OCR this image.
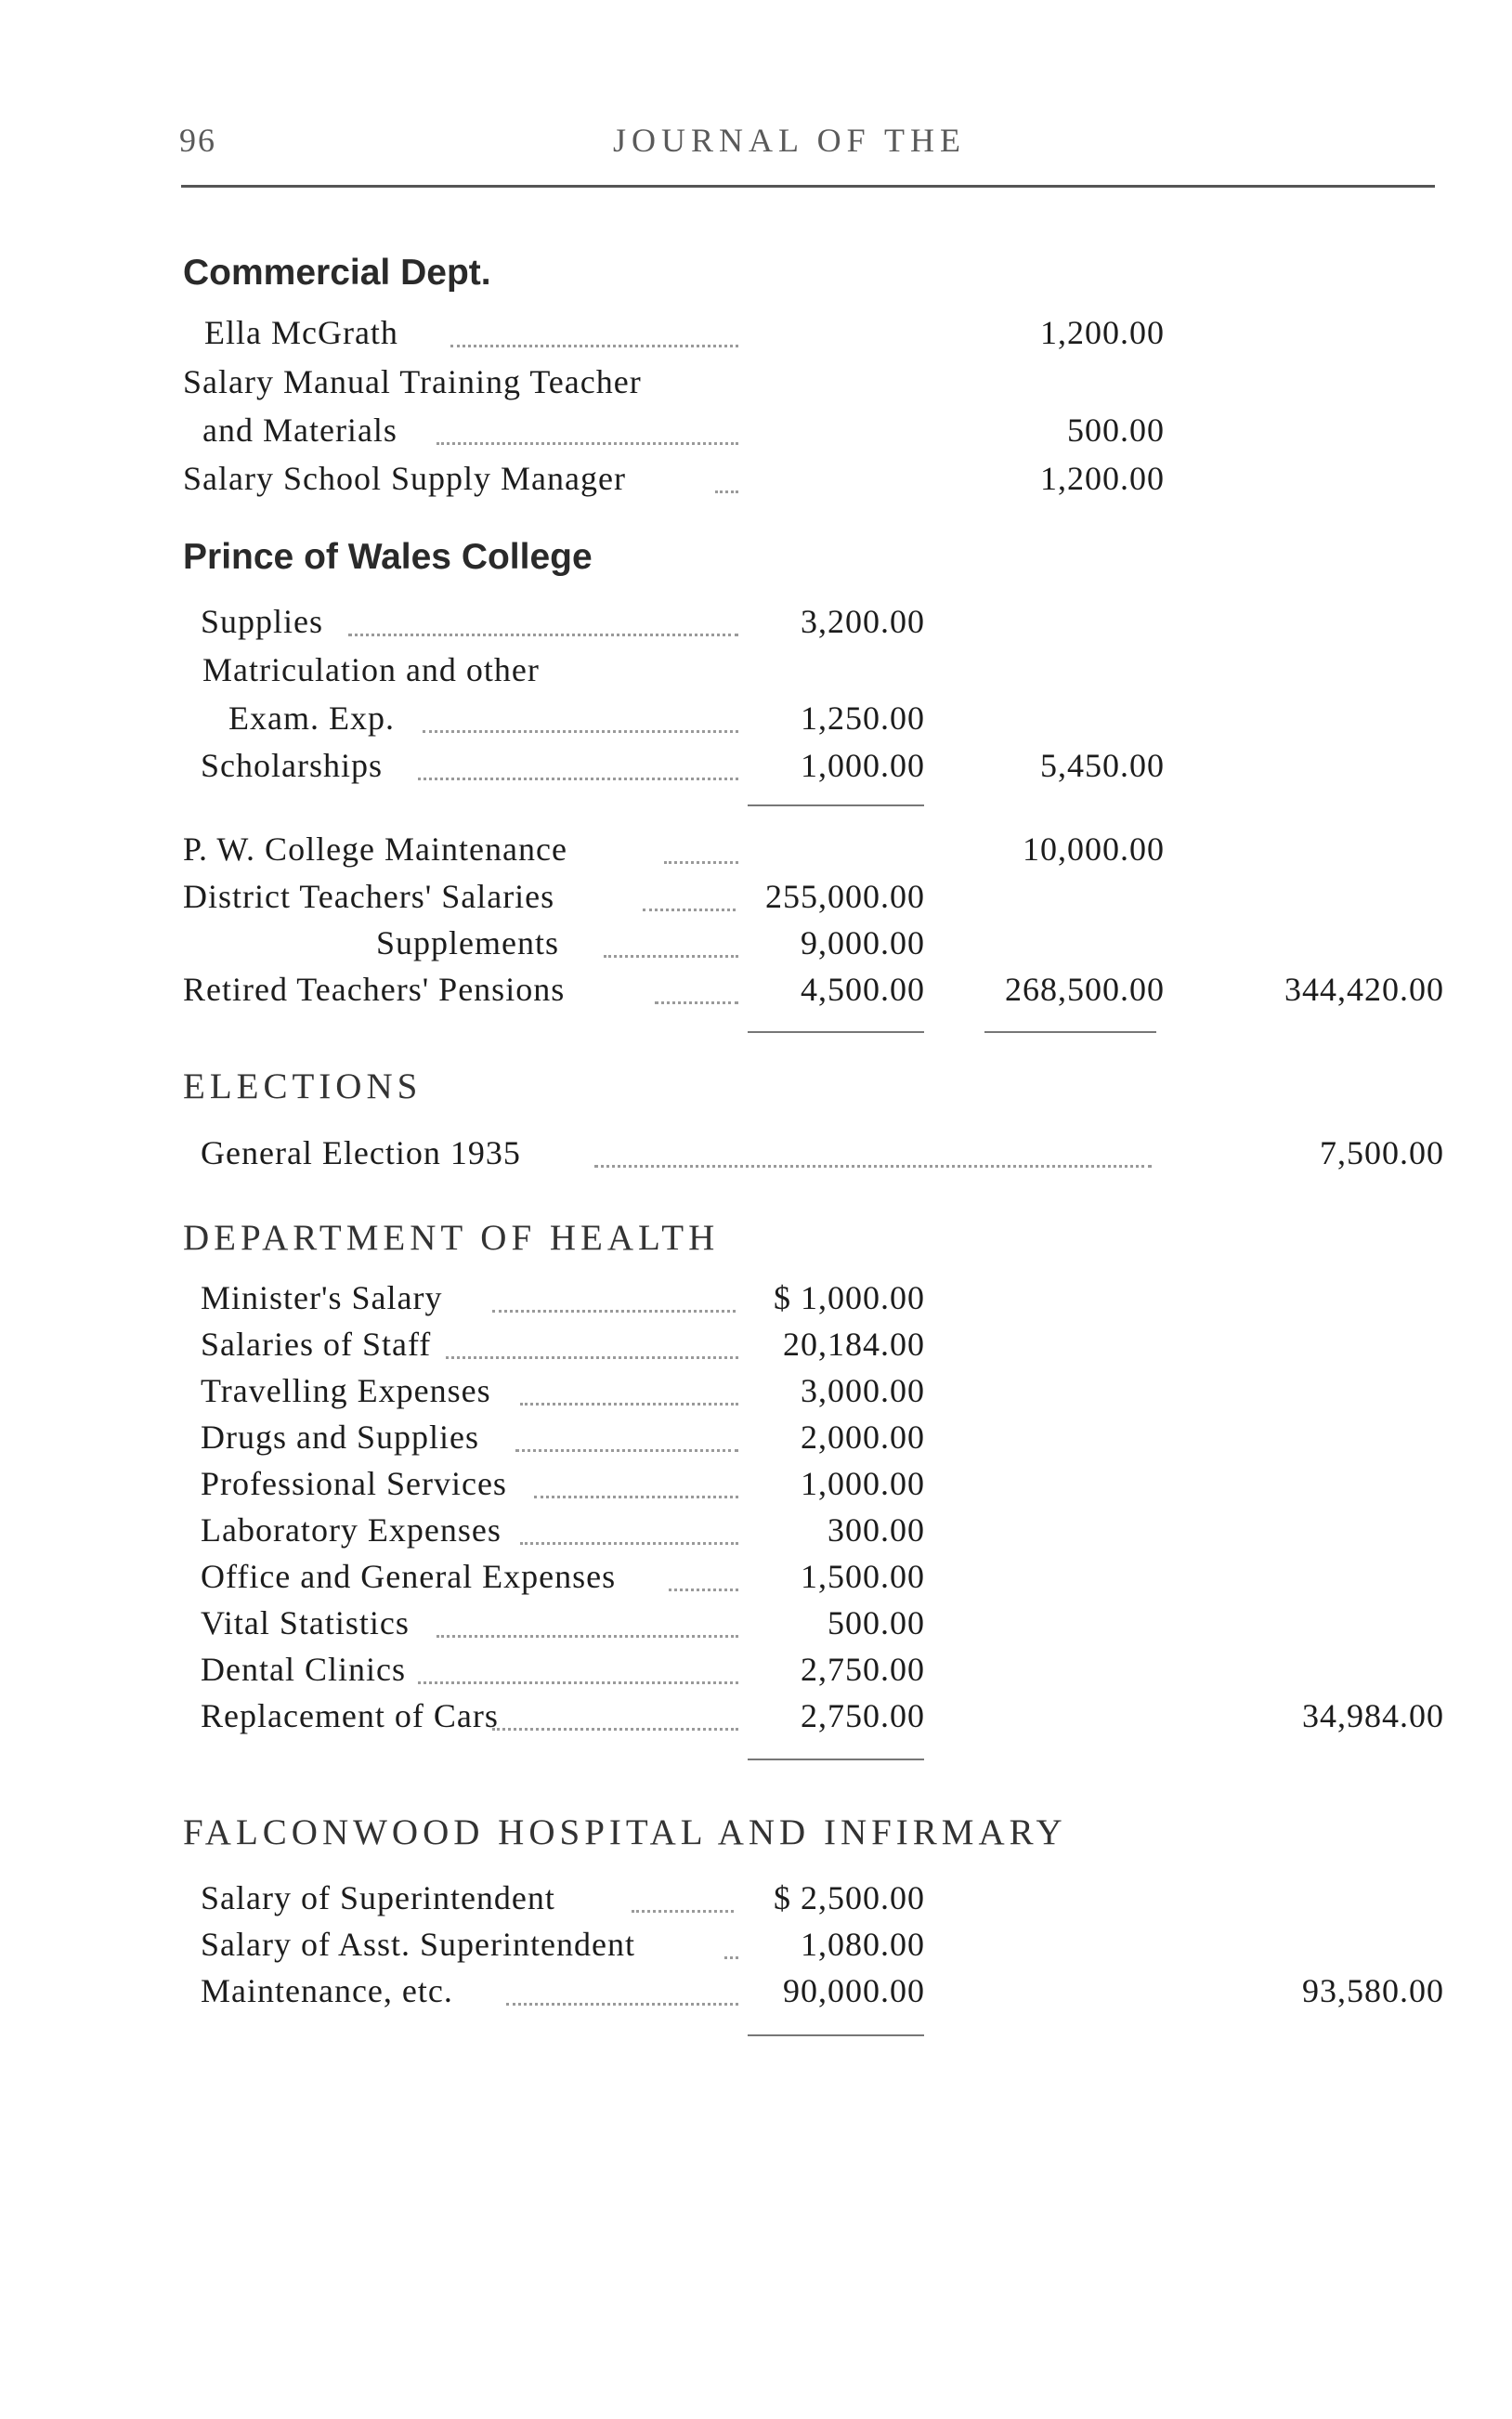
96	JOURNAL OF THE
Commercial Dept.
Ella McGrath	1,200.00
Salary Manual Training Teacher
and Materials	500.00
Salary School Supply Manager	1,200.00
Prince of Wales College
Supplies	3,200.00
Matriculation and other
Exam. Exp.	1,250.00
Scholarships	1,000.00	5,450.00
P. W. College Maintenance	10,000.00
District Teachers' Salaries	255,000.00
Supplements	9,000.00
Retired Teachers' Pensions	4,500.00	268,500.00	344,420.00
ELECTIONS
General Election 1935	7,500.00
DEPARTMENT OF HEALTH
Minister's Salary	$ 1,000.00
Salaries of Staff	20,184.00
Travelling Expenses	3,000.00
Drugs and Supplies	2,000.00
Professional Services	1,000.00
Laboratory Expenses	300.00
Office and General Expenses	1,500.00
Vital Statistics	500.00
Dental Clinics	2,750.00
Replacement of Cars	2,750.00	34,984.00
FALCONWOOD HOSPITAL AND INFIRMARY
Salary of Superintendent	$ 2,500.00
Salary of Asst. Superintendent	1,080.00
Maintenance, etc.	90,000.00	93,580.00
